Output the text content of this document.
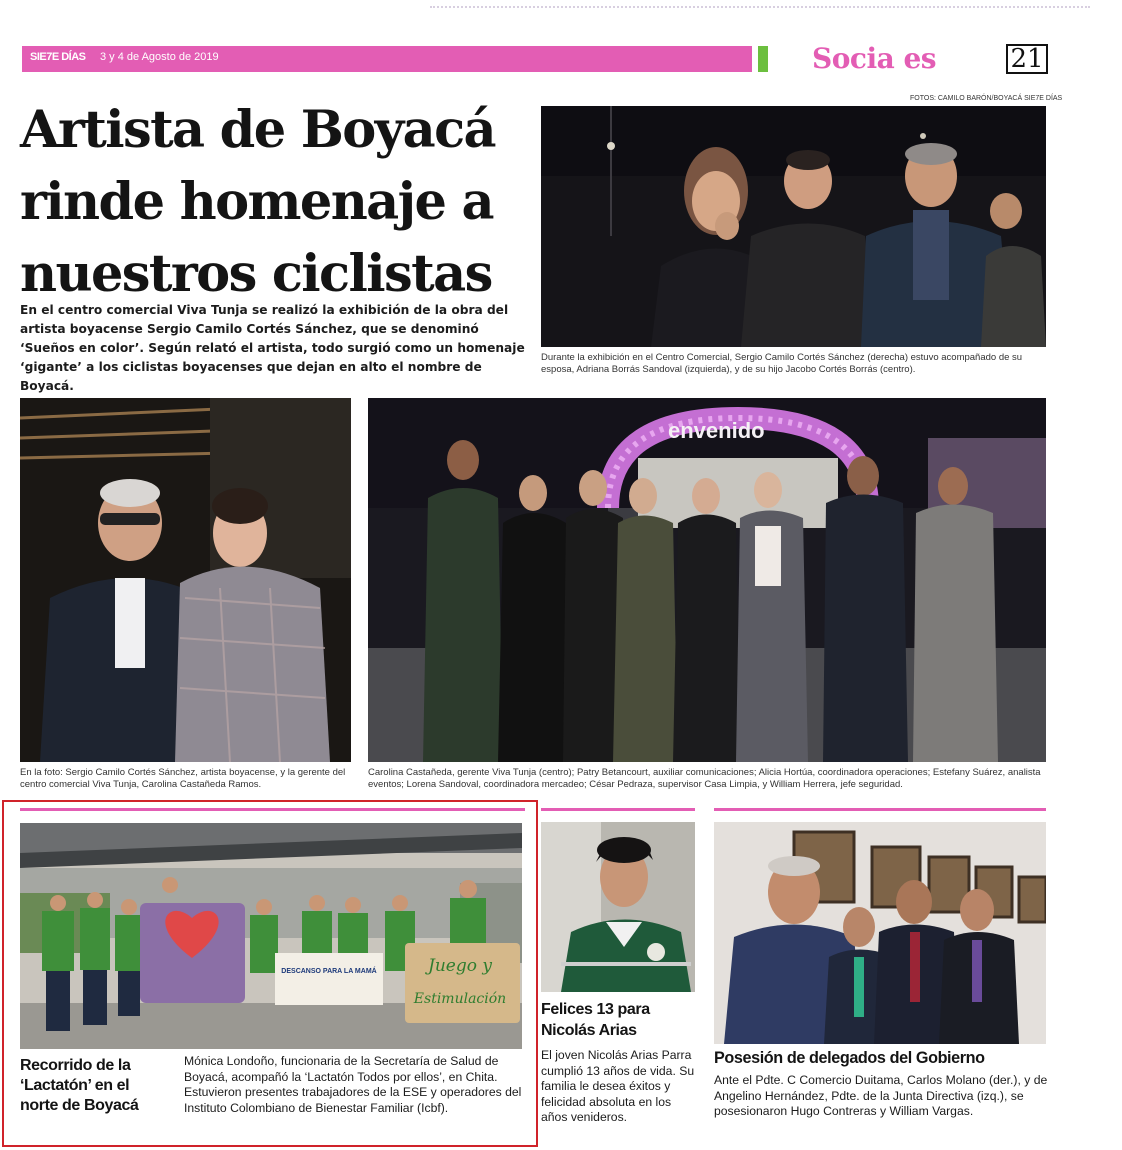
SIE7E DÍAS 3 y 4 de Agosto de 2019	Socia es	21
FOTOS: CAMILO BARÓN/BOYACÁ SIE7E DÍAS
Artista de Boyacá
rinde homenaje a
nuestros ciclistas
En el centro comercial Viva Tunja se realizó la exhibición de la obra del artista boyacense Sergio Camilo Cortés Sánchez, que se denominó ‘Sueños en color’. Según relató el artista, todo surgió como un homenaje ‘gigante’ a los ciclistas boyacenses que dejan en alto el nombre de Boyacá.
Durante la exhibición en el Centro Comercial, Sergio Camilo Cortés Sánchez (derecha) estuvo acompañado de su esposa, Adriana Borrás Sandoval (izquierda), y de su hijo Jacobo Cortés Borrás (centro).
En la foto: Sergio Camilo Cortés Sánchez, artista boyacense, y la gerente del centro comercial Viva Tunja, Carolina Castañeda Ramos.
envenido
Carolina Castañeda, gerente Viva Tunja (centro); Patry Betancourt, auxiliar comunicaciones; Alicia Hortúa, coordinadora operaciones; Estefany Suárez, analista eventos; Lorena Sandoval, coordinadora mercadeo; César Pedraza, supervisor Casa Limpia, y William Herrera, jefe seguridad.
DESCANSO PARA LA MAMÁ	Juego y
Estimulación
Recorrido de la
‘Lactatón’ en el
norte de Boyacá
Mónica Londoño, funcionaria de la Secretaría de Salud de Boyacá, acompañó la ‘Lactatón Todos por ellos’, en Chita. Estuvieron presentes trabajadores de la ESE y operadores del Instituto Colombiano de Bienestar Familiar (Icbf).
Felices 13 para
Nicolás Arias
El joven Nicolás Arias Parra cumplió 13 años de vida. Su familia le desea éxitos y felicidad absoluta en los años venideros.
Posesión de delegados del Gobierno
Ante el Pdte. C Comercio Duitama, Carlos Molano (der.), y de Angelino Hernández, Pdte. de la Junta Directiva (izq.), se posesionaron Hugo Contreras y William Vargas.
